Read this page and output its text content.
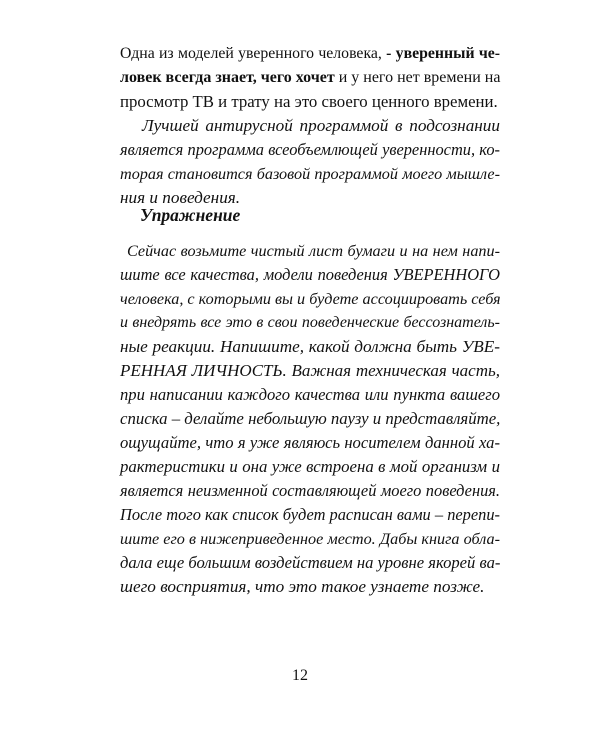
Одна из моделей уверенного человека, - уверенный че-
ловек всегда знает, чего хочет и у него нет времени на
просмотр ТВ и трату на это своего ценного времени.
Лучшей антирусной программой в подсознании
является программа всеобъемлющей уверенности, ко-
торая становится базовой программой моего мышле-
ния и поведения.
Упражнение
Сейчас возьмите чистый лист бумаги и на нем напи-
шите все качества, модели поведения УВЕРЕННОГО
человека, с которыми вы и будете ассоциировать себя
и внедрять все это в свои поведенческие бессознатель-
ные реакции. Напишите, какой должна быть УВЕ-
РЕННАЯ ЛИЧНОСТЬ. Важная техническая часть,
при написании каждого качества или пункта вашего
списка – делайте небольшую паузу и представляйте,
ощущайте, что я уже являюсь носителем данной ха-
рактеристики и она уже встроена в мой организм и
является неизменной составляющей моего поведения.
После того как список будет расписан вами – перепи-
шите его в нижеприведенное место. Дабы книга обла-
дала еще большим воздействием на уровне якорей ва-
шего восприятия, что это такое узнаете позже.
12
